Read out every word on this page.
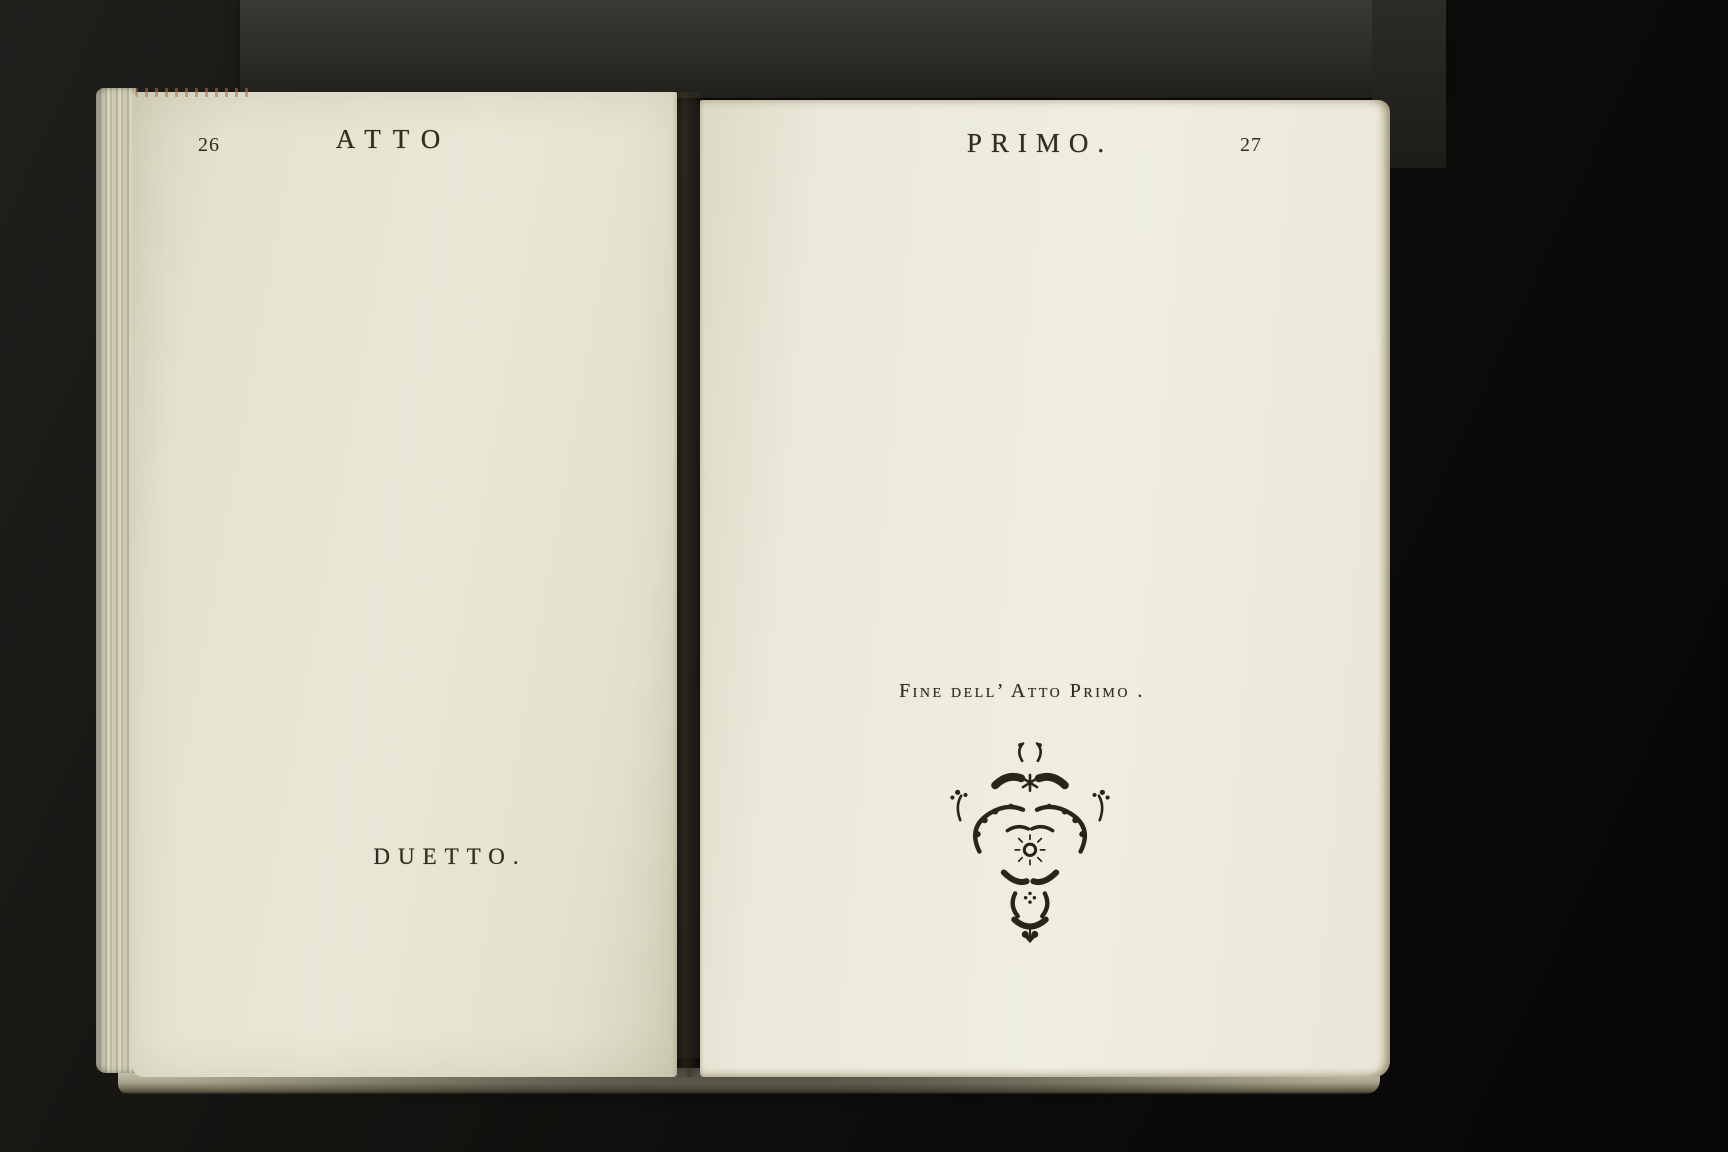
26	ATTO
DUETTO.
PRIMO.	27
Fine dell’ Atto Primo .
